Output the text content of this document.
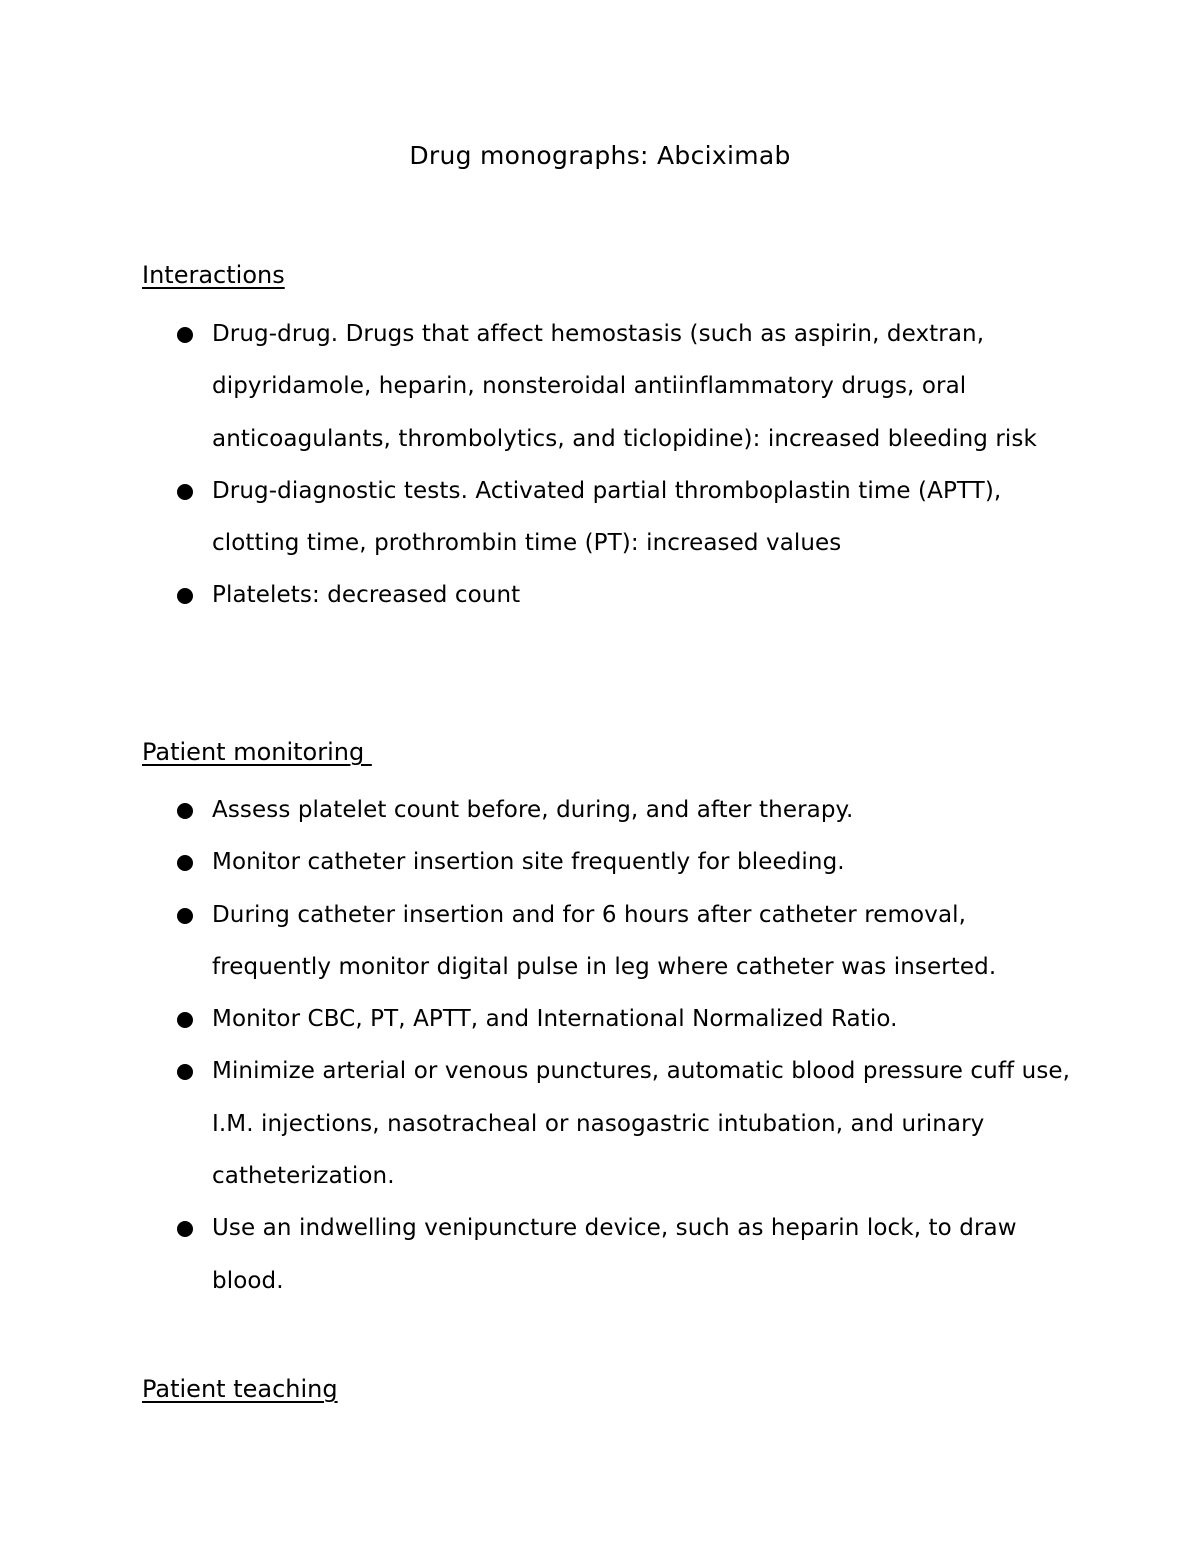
Drug monographs: Abciximab
Interactions
Drug-drug. Drugs that affect hemostasis (such as aspirin, dextran, dipyridamole, heparin, nonsteroidal antiinflammatory drugs, oral anticoagulants, thrombolytics, and ticlopidine): increased bleeding risk
Drug-diagnostic tests. Activated partial thromboplastin time (APTT), clotting time, prothrombin time (PT): increased values
Platelets: decreased count
Patient monitoring
Assess platelet count before, during, and after therapy.
Monitor catheter insertion site frequently for bleeding.
During catheter insertion and for 6 hours after catheter removal, frequently monitor digital pulse in leg where catheter was inserted.
Monitor CBC, PT, APTT, and International Normalized Ratio.
Minimize arterial or venous punctures, automatic blood pressure cuff use, I.M. injections, nasotracheal or nasogastric intubation, and urinary catheterization.
Use an indwelling venipuncture device, such as heparin lock, to draw blood.
Patient teaching
